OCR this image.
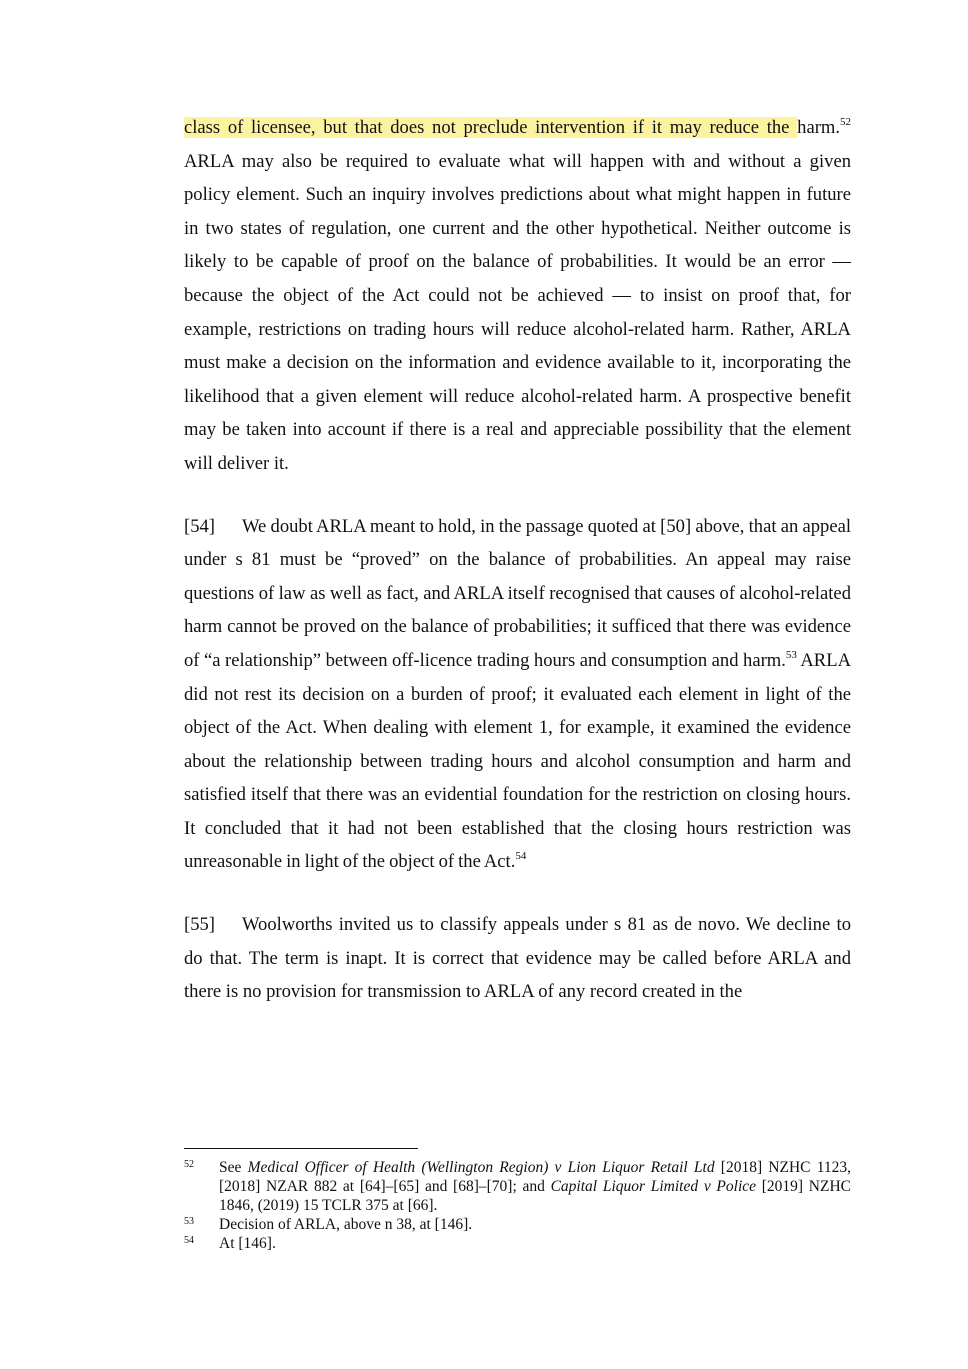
class of licensee, but that does not preclude intervention if it may reduce the harm.$^{52}$ ARLA may also be required to evaluate what will happen with and without a given policy element. Such an inquiry involves predictions about what might happen in future in two states of regulation, one current and the other hypothetical. Neither outcome is likely to be capable of proof on the balance of probabilities. It would be an error — because the object of the Act could not be achieved — to insist on proof that, for example, restrictions on trading hours will reduce alcohol-related harm. Rather, ARLA must make a decision on the information and evidence available to it, incorporating the likelihood that a given element will reduce alcohol-related harm. A prospective benefit may be taken into account if there is a real and appreciable possibility that the element will deliver it.

[54] We doubt ARLA meant to hold, in the passage quoted at [50] above, that an appeal under s 81 must be “proved” on the balance of probabilities. An appeal may raise questions of law as well as fact, and ARLA itself recognised that causes of alcohol-related harm cannot be proved on the balance of probabilities; it sufficed that there was evidence of “a relationship” between off-licence trading hours and consumption and harm.$^{53}$ ARLA did not rest its decision on a burden of proof; it evaluated each element in light of the object of the Act. When dealing with element 1, for example, it examined the evidence about the relationship between trading hours and alcohol consumption and harm and satisfied itself that there was an evidential foundation for the restriction on closing hours. It concluded that it had not been established that the closing hours restriction was unreasonable in light of the object of the Act.$^{54}$

[55] Woolworths invited us to classify appeals under s 81 as de novo. We decline to do that. The term is inapt. It is correct that evidence may be called before ARLA and there is no provision for transmission to ARLA of any record created in the

52	See Medical Officer of Health (Wellington Region) v Lion Liquor Retail Ltd [2018] NZHC 1123, [2018] NZAR 882 at [64]–[65] and [68]–[70]; and Capital Liquor Limited v Police [2019] NZHC 1846, (2019) 15 TCLR 375 at [66].
53	Decision of ARLA, above n 38, at [146].
54	At [146].
